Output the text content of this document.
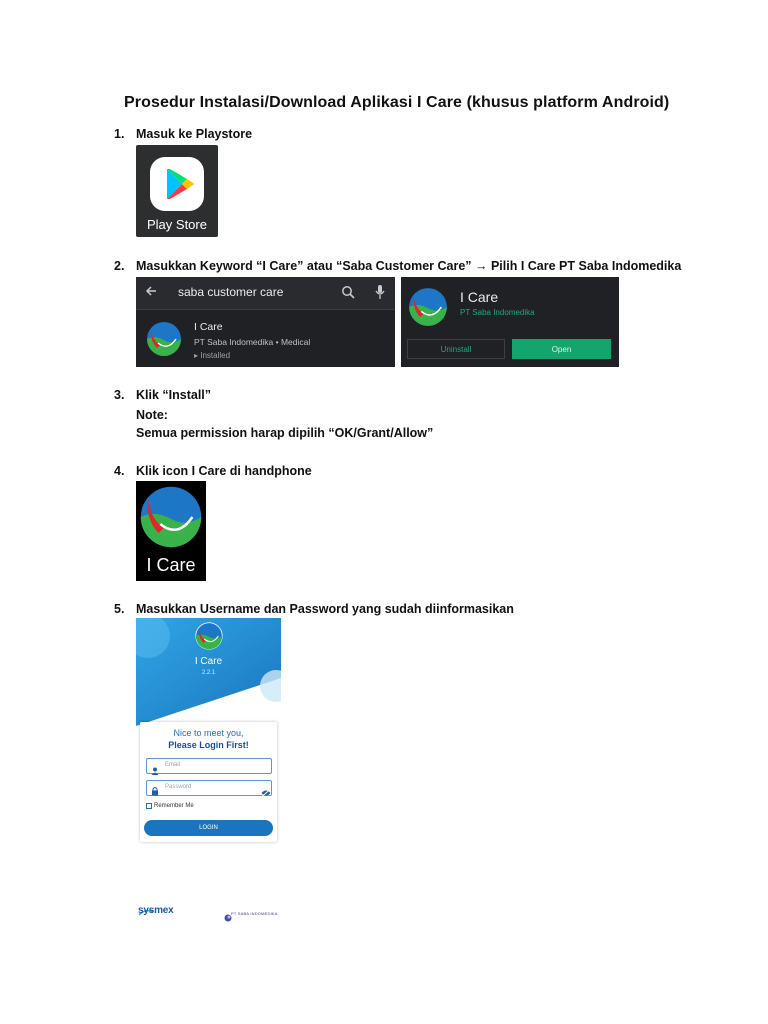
Prosedur Instalasi/Download Aplikasi I Care (khusus platform Android)
1. Masuk ke Playstore
Play Store
2. Masukkan Keyword “I Care” atau “Saba Customer Care” → Pilih I Care PT Saba Indomedika
saba customer care
I Care
PT Saba Indomedika • Medical
▸ Installed
I Care
PT Saba Indomedika
Uninstall	Open
3. Klik “Install”
Note:
Semua permission harap dipilih “OK/Grant/Allow”
4. Klik icon I Care di handphone
I Care
5. Masukkan Username dan Password yang sudah diinformasikan
I Care
2.2.1
Nice to meet you,
Please Login First!
Email
Password
Remember Me
LOGIN
sysmex	PT SABA INDOMEDIKA
